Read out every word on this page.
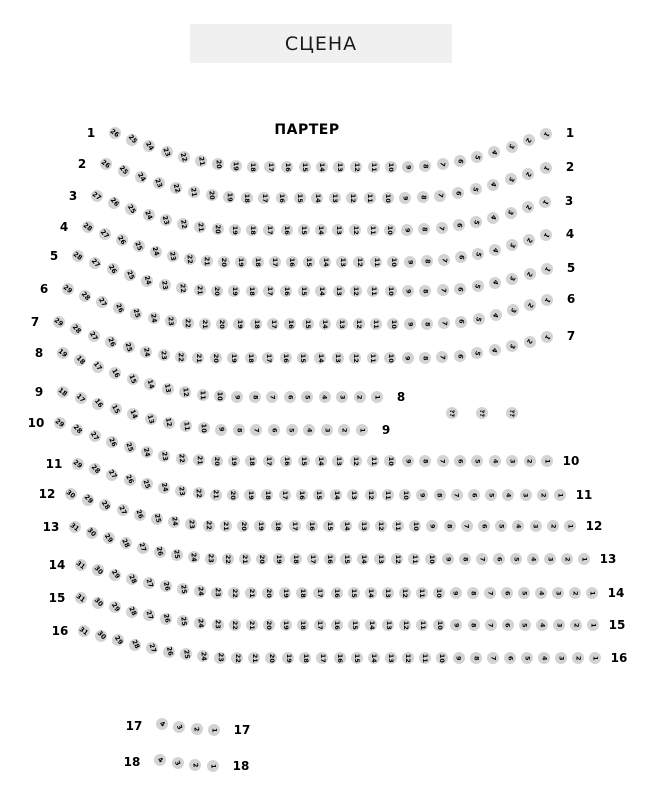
СЦЕНА
ПАРТЕР
1 26
25
24 23 22 21 20 19 18 17 16 15 14 13 12 11 10 9 8 7 6
5
4
3
2
1 1
2 26
25
24 23 22 21 20 19 18 17 16 15 14 13 12 11 10 9 8 7 6
5
4
3
2
1 2
3 27
26
25 24 23 22 21 20 19 18 17 16 15 14 13 12 11 10 9 8 7 6
5
4
3
2
1 3
4 28
27
26
25 24 23 22 21 20 19 18 17 16 15 14 13 12 11 10 9 8 7 6 5
4
3
2
1 4
5 28
27
26
25 24 23 22 21 20 19 18 17 16 15 14 13 12 11 10 9 8 7 6 5 4
3
2
1 5
6 29
28
27
26 25 24 23 22 21 20 19 18 17 16 15 14 13 12 11 10 9 8 7 6 5
4
3
2
1 6
7 29
28
27
26 25 24 23 22 21 20 19 18 17 16 15 14 13 12 11 10 9 8 7 6 5 4
3
2
1 7
8 19
18
17
16
15 14 13 12 11 10 9 8 7 6 5 4 3 2 1 8
9 18 17 16 15 14 13 12 11 10 9 8 7 6 5 4 3 2 1 9
10 29
28
27
26 25 24 23 22 21 20 19 18 17 16 15 14 13 12 11 10 9 8 7 6 5 4 3 2 1 10
11 29 28 27 26 25 24 23 22 21 20 19 18 17 16 15 14 13 12 11 10 9 8 7 6 5 4 3 2 1 11
12 30 29 28 27 26 25 24 23 22 21 20 19 18 17 16 15 14 13 12 11 10 9 8 7 6 5 4 3 2 1 12
13 31 30 29 28 27 26 25 24 23 22 21 20 19 18 17 16 15 14 13 12 11 10 9 8 7 6 5 4 3 2 1 13
14 31 30 29 28 27 26 25 24 23 22 21 20 19 18 17 16 15 14 13 12 11 10 9 8 7 6 5 4 3 2 1 14
15 31 30 29 28 27 26 25 24 23 22 21 20 19 18 17 16 15 14 13 12 11 10 9 8 7 6 5 4 3 2 1 15
16 31 30 29 28 27 26 25 24 23 22 21 20 19 18 17 16 15 14 13 12 11 10 9 8 7 6 5 4 3 2 1 16
17 4 3 2 1 17
18 4 3 2 1 18
??	??	??
